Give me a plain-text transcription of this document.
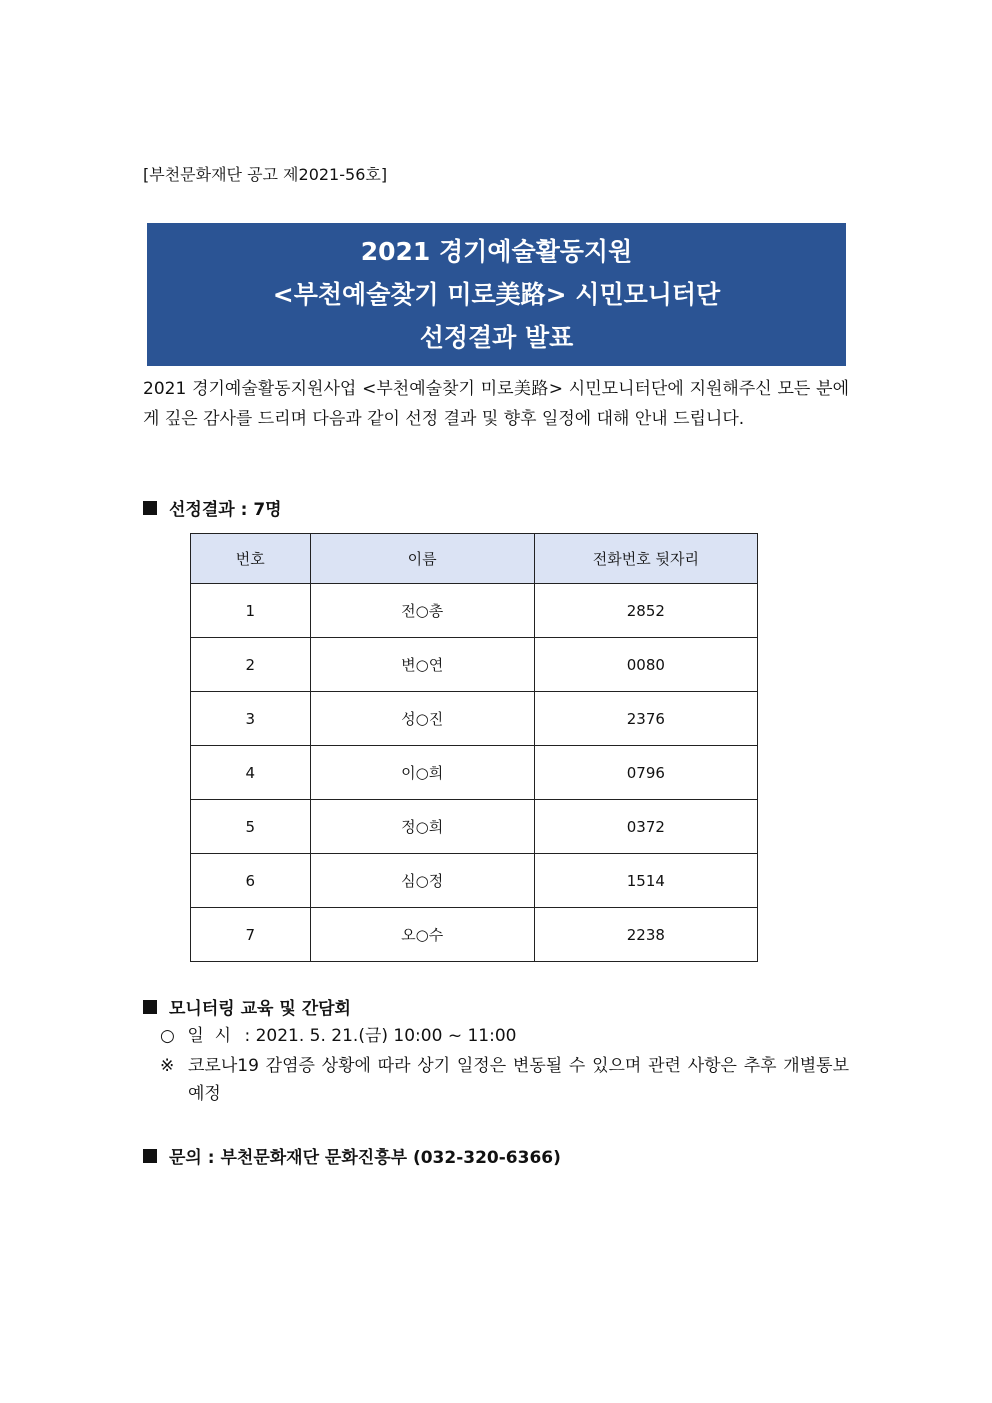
[부천문화재단 공고 제2021-56호]
2021 경기예술활동지원
<부천예술찾기 미로美路> 시민모니터단
선정결과 발표
2021 경기예술활동지원사업 <부천예술찾기 미로美路> 시민모니터단에 지원해주신 모든 분에게 깊은 감사를 드리며 다음과 같이 선정 결과 및 향후 일정에 대해 안내 드립니다.
선정결과 : 7명
번호	이름	전화번호 뒷자리
1	전○총	2852
2	변○연	0080
3	성○진	2376
4	이○희	0796
5	정○희	0372
6	심○정	1514
7	오○수	2238
모니터링 교육 및 간담회
○ 일  시 : 2021. 5. 21.(금) 10:00 ~ 11:00
※ 코로나19 감염증 상황에 따라 상기 일정은 변동될 수 있으며 관련 사항은 추후 개별통보 예정
문의 : 부천문화재단 문화진흥부 (032-320-6366)
